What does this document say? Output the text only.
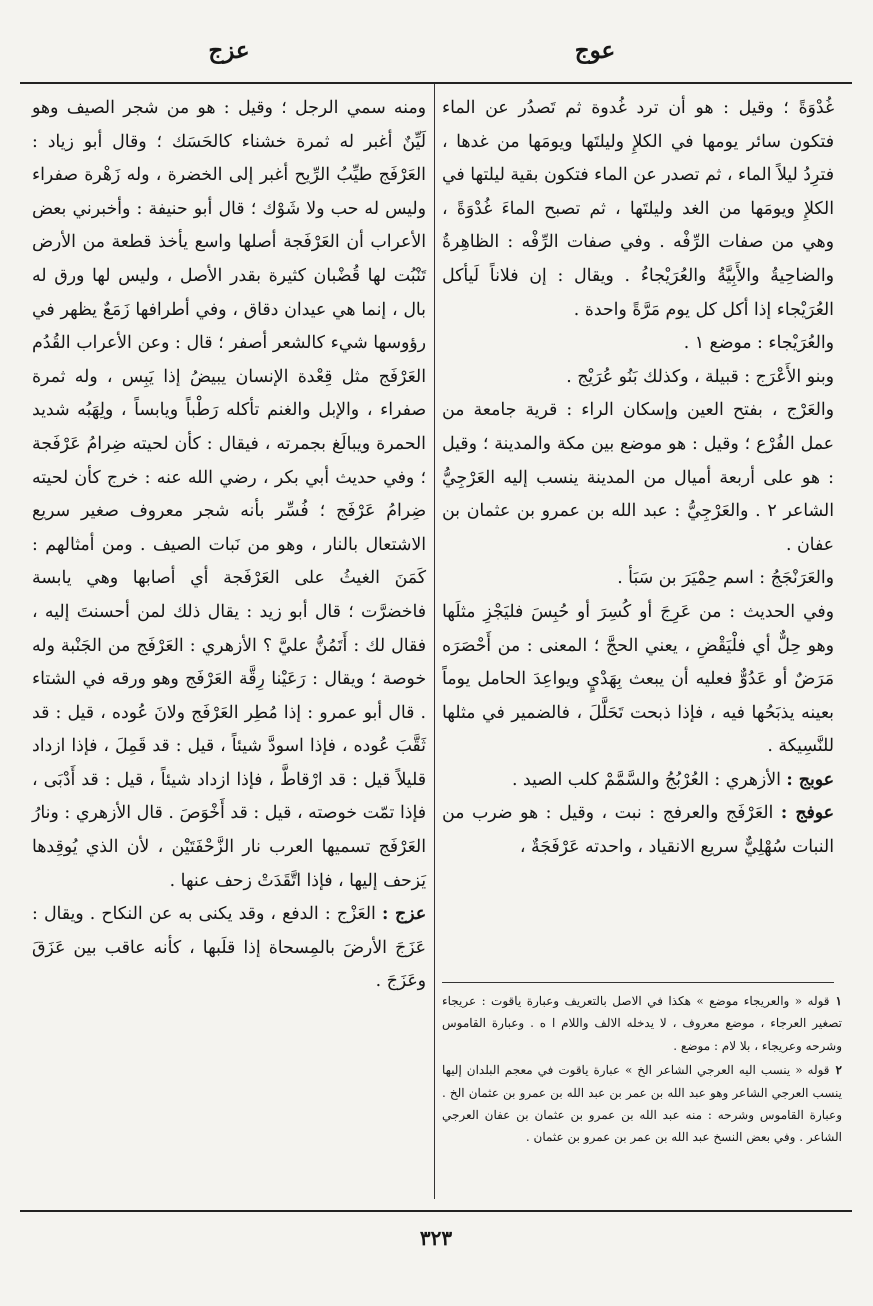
عوج
عزج

غُدْوَةً ؛ وقيل : هو أن ترد غُدوة ثم تَصدُر عن الماء فتكون سائر يومها في الكلإِ وليلتَها ويومَها من غدها ، فترِدُ ليلاً الماء ، ثم تصدر عن الماء فتكون بقية ليلتها في الكلإِ ويومَها من الغد وليلتَها ، ثم تصبح الماءَ غُدْوَةً ، وهي من صفات الرِّفْه . وفي صفات الرِّفْه : الظاهِرةُ والضاحِيةُ والأَبِيَّةُ والعُرَيْجاءُ . ويقال : إن فلاناً لَيأكل العُرَيْجاء إذا أكل كل يوم مَرَّةً واحدة .

والعُرَيْجاء : موضع ١ .

وبنو الأَعْرَج : قبيلة ، وكذلك بَنُو عُرَيْج .

والعَرْج ، بفتح العين وإسكان الراء : قرية جامعة من عمل الفُرْع ؛ وقيل : هو موضع بين مكة والمدينة ؛ وقيل : هو على أربعة أميال من المدينة ينسب إليه العَرْجِيُّ الشاعر ٢ . والعَرْجِيُّ : عبد الله بن عمرو بن عثمان بن عفان .

والعَرَنْجَجُ : اسم حِمْيَرَ بن سَبَأ .

وفي الحديث : من عَرِجَ أو كُسِرَ أو حُبِسَ فليَجْزِ مثلَها وهو حِلٌّ أي فلْيَقْضِ ، يعني الحجَّ ؛ المعنى : من أَحْصَرَه مَرَضٌ أو عَدُوٌّ فعليه أن يبعث بِهَدْيٍ ويواعِدَ الحامل يوماً بعينه يذبَحُها فيه ، فإذا ذبحت تَحَلَّلَ ، فالضمير في مثلها للنَّسِيكة .

عوبج : الأزهري : العُرْبُجُ والسَّمَّمْ كلب الصيد .

عوفج : العَرْفَج والعرفج : نبت ، وقيل : هو ضرب من النبات سُهْلِيٌّ سريع الانقياد ، واحدته عَرْفَجَةٌ ،

١قوله « والعريجاء موضع » هكذا في الاصل بالتعريف وعبارة ياقوت : عريجاء تصغير العرجاء ، موضع معروف ، لا يدخله الالف واللام ا ه . وعبارة القاموس وشرحه وعريجاء ، بلا لام : موضع .

٢قوله « ينسب اليه العرجي الشاعر الخ » عبارة ياقوت في معجم البلدان إليها ينسب العرجي الشاعر وهو عبد الله بن عمر بن عبد الله بن عمرو بن عثمان الخ . وعبارة القاموس وشرحه : منه عبد الله بن عمرو بن عثمان بن عفان العرجي الشاعر . وفي بعض النسخ عبد الله بن عمر بن عمرو بن عثمان .

ومنه سمي الرجل ؛ وقيل : هو من شجر الصيف وهو لَيِّنٌ أغبر له ثمرة خشناء كالحَسَك ؛ وقال أبو زياد : العَرْفَج طيِّبُ الرِّيح أغبر إلى الخضرة ، وله زَهْرة صفراء وليس له حب ولا شَوْك ؛ قال أبو حنيفة : وأخبرني بعض الأعراب أن العَرْفَجة أصلها واسع يأخذ قطعة من الأرض تَنْبُت لها قُضْبان كثيرة بقدر الأصل ، وليس لها ورق له بال ، إنما هي عيدان دقاق ، وفي أطرافها زَمَعٌ يظهر في رؤوسها شيء كالشعر أصفر ؛ قال : وعن الأعراب القُدُم العَرْفَج مثل قِعْدة الإنسان يبيضُ إذا يَبِس ، وله ثمرة صفراء ، والإبل والغنم تأكله رَطْباً ويابساً ، ولِهَبُه شديد الحمرة ويبالَغ بجمرته ، فيقال : كأن لحيته ضِرامُ عَرْفَجة ؛ وفي حديث أبي بكر ، رضي الله عنه : خرج كأن لحيته ضِرامُ عَرْفَج ؛ فُسِّر بأنه شجر معروف صغير سريع الاشتعال بالنار ، وهو من نَبات الصيف . ومن أمثالهم : كَمَنَ الغيثُ على العَرْفَجة أي أصابها وهي يابسة فاخضرَّت ؛ قال أبو زيد : يقال ذلك لمن أحسنتَ إليه ، فقال لك : أَتَمُنُّ عليَّ ؟ الأزهري : العَرْفَج من الجَنْبة وله خوصة ؛ ويقال : رَعَيْنا رِقَّة العَرْفَج وهو ورقه في الشتاء . قال أبو عمرو : إذا مُطِر العَرْفَج ولانَ عُوده ، قيل : قد ثَقَّبَ عُوده ، فإذا اسودَّ شيئاً ، قيل : قد قَمِلَ ، فإذا ازداد قليلاً قيل : قد ارْقاطَّ ، فإذا ازداد شيئاً ، قيل : قد أَدْبَى ، فإذا تمّت خوصته ، قيل : قد أَخْوَصَ . قال الأزهري : ونارُ العَرْفَج تسميها العرب نار الزَّحْفَتَيْن ، لأن الذي يُوقِدها يَزحف إليها ، فإذا اتَّقَدَتْ زحف عنها .

عزج : العَزْج : الدفع ، وقد يكنى به عن النكاح . ويقال : عَزَجَ الأرضَ بالمِسحاة إذا قلَبها ، كأنه عاقب بين عَزَقَ وعَزَجَ .

٣٢٣
